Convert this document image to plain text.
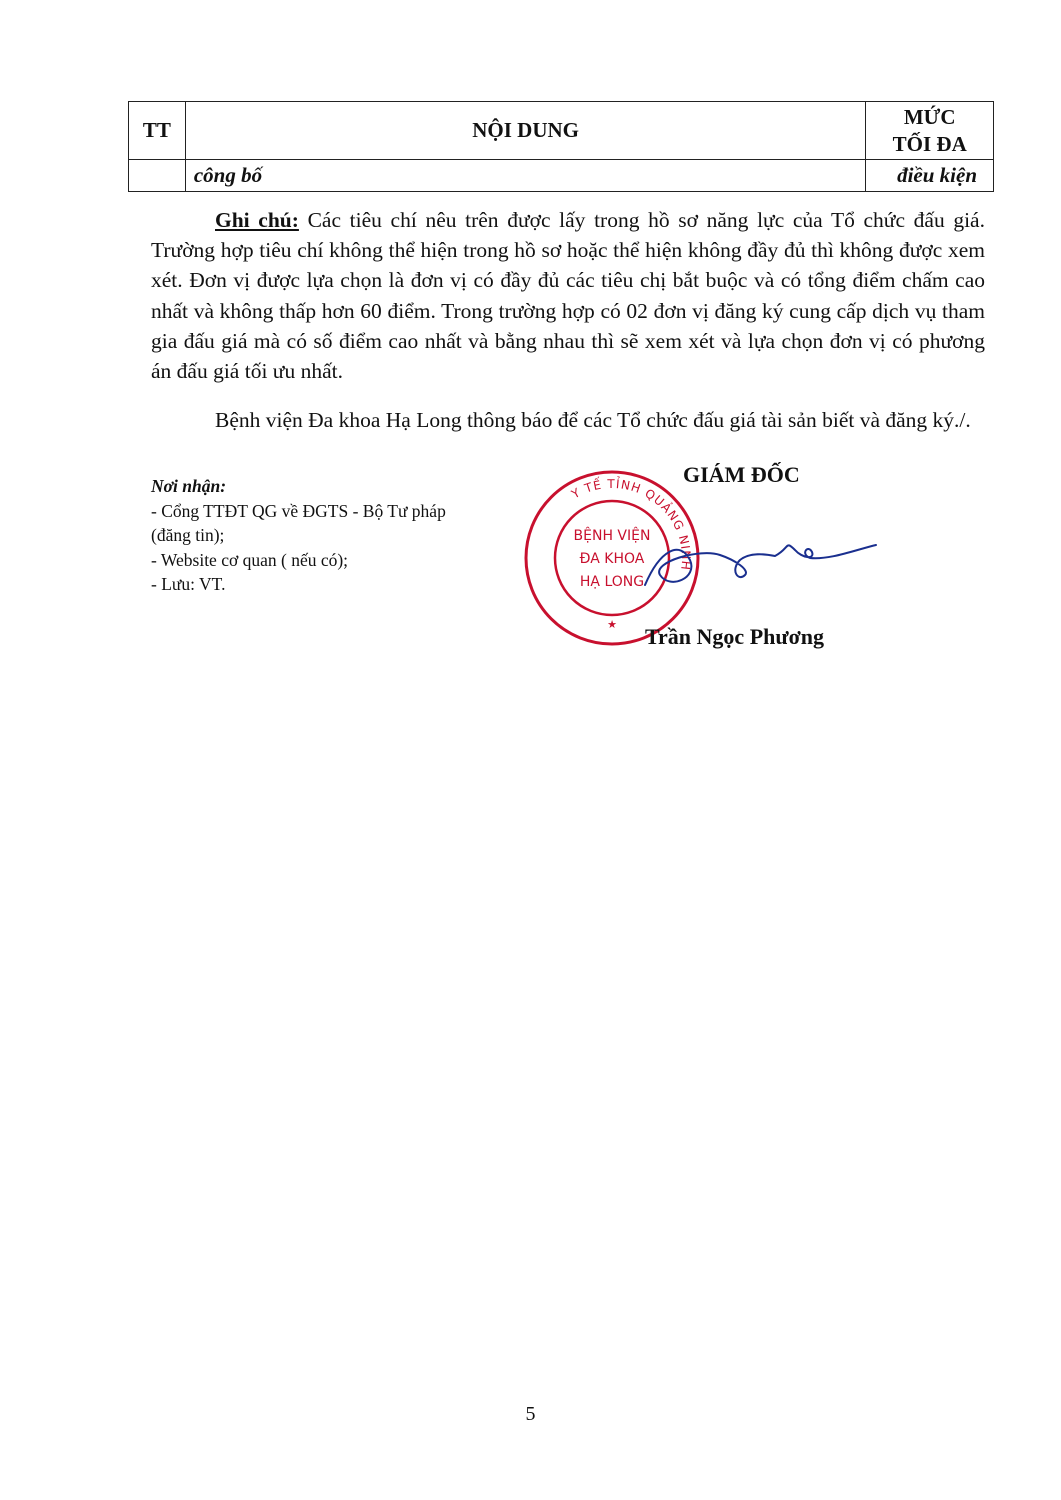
TT	NỘI DUNG	MỨC
TỐI ĐA
	công bố	điều kiện

Ghi chú: Các tiêu chí nêu trên được lấy trong hồ sơ năng lực của Tổ chức đấu giá. Trường hợp tiêu chí không thể hiện trong hồ sơ hoặc thể hiện không đầy đủ thì không được xem xét. Đơn vị được lựa chọn là đơn vị có đầy đủ các tiêu chị bắt buộc và có tổng điểm chấm cao nhất và không thấp hơn 60 điểm. Trong trường hợp có 02 đơn vị đăng ký cung cấp dịch vụ tham gia đấu giá mà có số điểm cao nhất và bằng nhau thì sẽ xem xét và lựa chọn đơn vị có phương án đấu giá tối ưu nhất.

Bệnh viện Đa khoa Hạ Long thông báo để các Tổ chức đấu giá tài sản biết và đăng ký./.

Nơi nhận:
- Cổng TTĐT QG về ĐGTS - Bộ Tư pháp
(đăng tin);
- Website cơ quan ( nếu có);
- Lưu: VT.
GIÁM ĐỐC
Y TẾ TỈNH QUẢNG NINH
BỆNH VIỆN
ĐA KHOA
HẠ LONG
★ Trần Ngọc Phương
5
